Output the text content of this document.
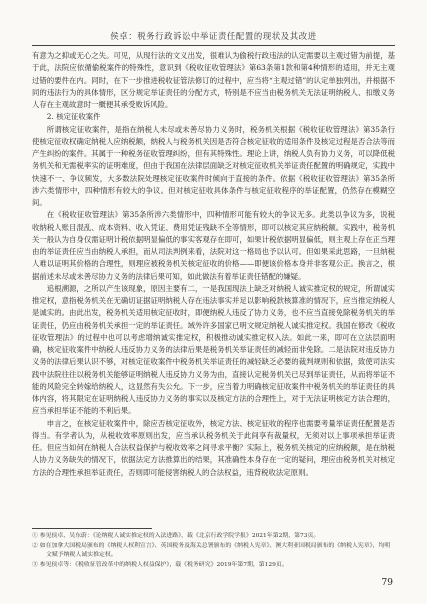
侯卓：税务行政诉讼中举证责任配置的现状及其改进

有意为之抑或无心之失。可见，从现行法的文义出发，很难认为偷税行政违法的认定需要以主观过错为前提，基于此，法院应依循偷税案件的特殊性，意识到《税收征收管理法》第63条第1款和第4种情形的适用，并无主观过错的要件在内。同时，在下一步推进税收征管法修订的过程中，应当将“主观过错”的认定单独列出，并根据不同的违法行为的具体情形，区分规定举证责任的分配方式，特别是不应当由税务机关无法证明纳税人、扣缴义务人存在主观故意时一概便其承受败诉风险。

2. 核定征收案件

所谓核定征收案件，是指在纳税人未尽或未善尽协力义务时，税务机关根据《税收征收管理法》第35条行使核定征收权确定纳税人应纳税额，纳税人与税务机关因是否符合核定征收的适用条件及核定过程是否合法等而产生纠纷的案件。其属于一种税务征收管理纠纷，但有其特殊性。理论上讲，纳税人负有协力义务，可以降低税务机关和无需税率实的证明难度，但由于我国在法律层面缺乏对核定征收机关举证责任配置的明确规定，实践中快速不一、争议频发，大多数法院处理核定征收案件时倾向于直接的条件。依据《税收征收管理法》第35条所涉六类情形中，四种情形有较大的争议。但对核定征收具体条件与核定征收程序的举证配置，仍然存在模糊空间。

在《税收征收管理法》第35条所涉六类情形中，四种情形可能有较大的争议无多。此类以争议为多，说税收纳税人账目混乱、成本资料、收入凭证、费用凭证残缺不全等情形，即可以核定其应纳税额。实践中，税务机关一般认为自身仅需证明计税依据明显偏低的事实客观存在即可，如果计税依据明显偏低，则主观上存在正当理由的举证责任应当由纳税人承担，而从司法判例来看，法院对这一格局也予以认可。但如果采此思路，一旦纳税人难以证明其价格的合理性，则理应被税务机关核定征收的价格——即便该价格本身并非客观公正。换言之，根据前述未尽或未善尽协力义务的法律后果可知，如此做法有着举证责任错配的嫌疑。

追根溯源，之所以产生该现象，原因主要有二，一是我国现法上缺乏对纳税人诚实推定权的规定，所谓诚实推定权，意指税务机关在无确切证据证明纳税人存在违法事实并足以影响税款核算准的情况下，应当推定纳税人是诚实的。由此出发，税务机关适用核定征收时，即便纳税人违反了协力义务，也不应当直接免除税务机关的举证责任，仍应由税务机关承担一定的举证责任。域外许多国家已明文规定纳税人诚实推定权。我国在修改《税收征收管理法》的过程中也可以考虑增纳诚实推定权，积极推动诚实推定权入法。如此一来，即可在立法层面明确，核定征收案件中纳税人违反协力义务的法律后果是税务机关举证责任的减轻而非免除。二是法院对违反协力义务的法律后果认识不够，对核定征收案件中税务机关举证责任的减轻缺乏必要的裁判规则和依据，致使司法实践中法院往往以税务机关能够证明纳税人违反协力义务为由，直接认定税务机关已尽到举证责任，从而将举证不能的风险完全转嫁给纳税人，这显然有失公允。下一步，应当着力明确核定征收案件中税务机关的举证责任的具体内容，将其限定在证明纳税人违反协力义务的事实以及核定方法的合理性上，对于无法证明核定方法合理的，应当承担举证不能的不利后果。

申言之，在核定征收案件中，除应否核定征收外，核定方法、核定征收的程序也需要考量举证责任配置是否得当。有学者认为，从税收效率原则出发，应当承认税务机关于此间享有裁量权，无须对以上事项承担举证责任。但应当如何在纳税人合法权益保护与税收效率之间寻求平衡？实际上，税务机关核定的应纳税额，是在纳税人协力义务缺失的情况下，依据法定方法推算出的结果，其准确性本身存在一定的疑问，理应由税务机关对核定方法的合理性承担举证责任，否则即可能侵害纳税人的合法权益，违背税收法定原则。

① 参见侯卓、吴东蔚：《论纳税人诚实推定权的入法进路》，载《北京行政学院学报》2021年第2期，第73页。

② 如在加拿大国税局颁布的《纳税人权利宣言》、英国税务及海关总署颁布的《纳税人宪章》、澳大利亚国税局颁布的《纳税人宪章》，均明文赋予纳税人诚实推定权。

③ 参见侯卓等：《税收征管改革中的纳税人权益保护》，载《税务研究》2019年第7期，第129页。

79
